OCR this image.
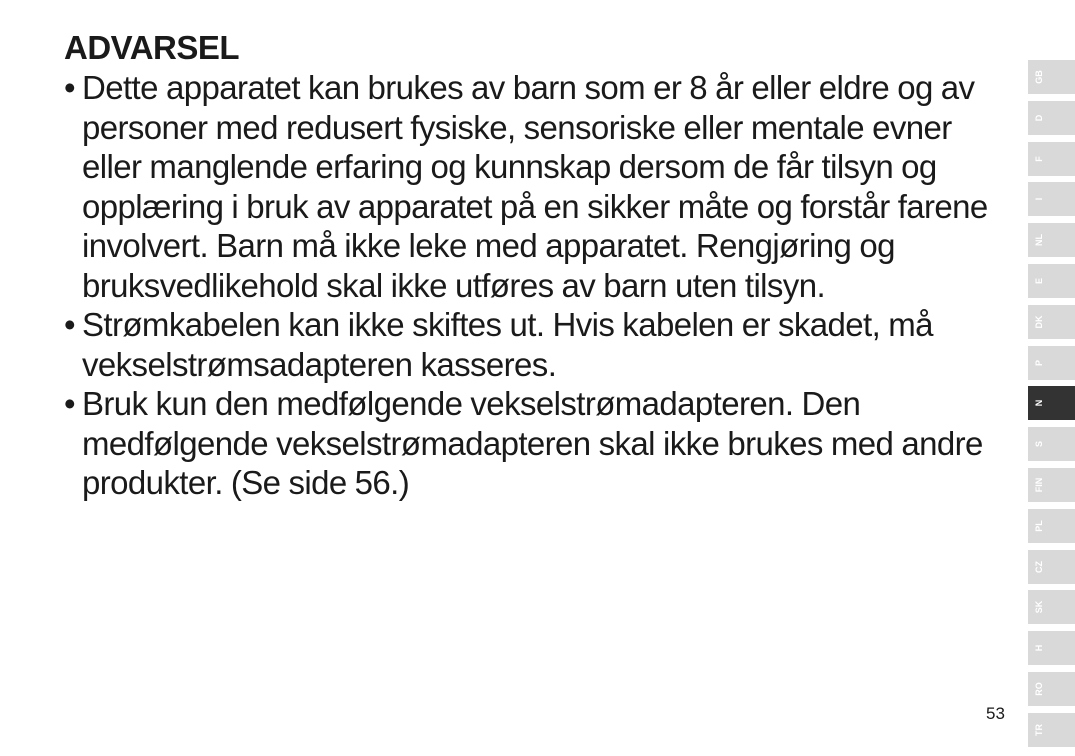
ADVARSEL
• Dette apparatet kan brukes av barn som er 8 år eller eldre og av personer med redusert fysiske, sensoriske eller mentale evner eller manglende erfaring og kunnskap dersom de får tilsyn og opplæring i bruk av apparatet på en sikker måte og forstår farene involvert. Barn må ikke leke med apparatet. Rengjøring og bruksvedlikehold skal ikke utføres av barn uten tilsyn.
• Strømkabelen kan ikke skiftes ut. Hvis kabelen er skadet, må vekselstrømsadapteren kasseres.
• Bruk kun den medfølgende vekselstrømadapteren. Den medfølgende vekselstrømadapteren skal ikke brukes med andre produkter. (Se side 56.)
GB
D
F
I
NL
E
DK
P
N
S
FIN
PL
CZ
SK
H
RO
TR
53
